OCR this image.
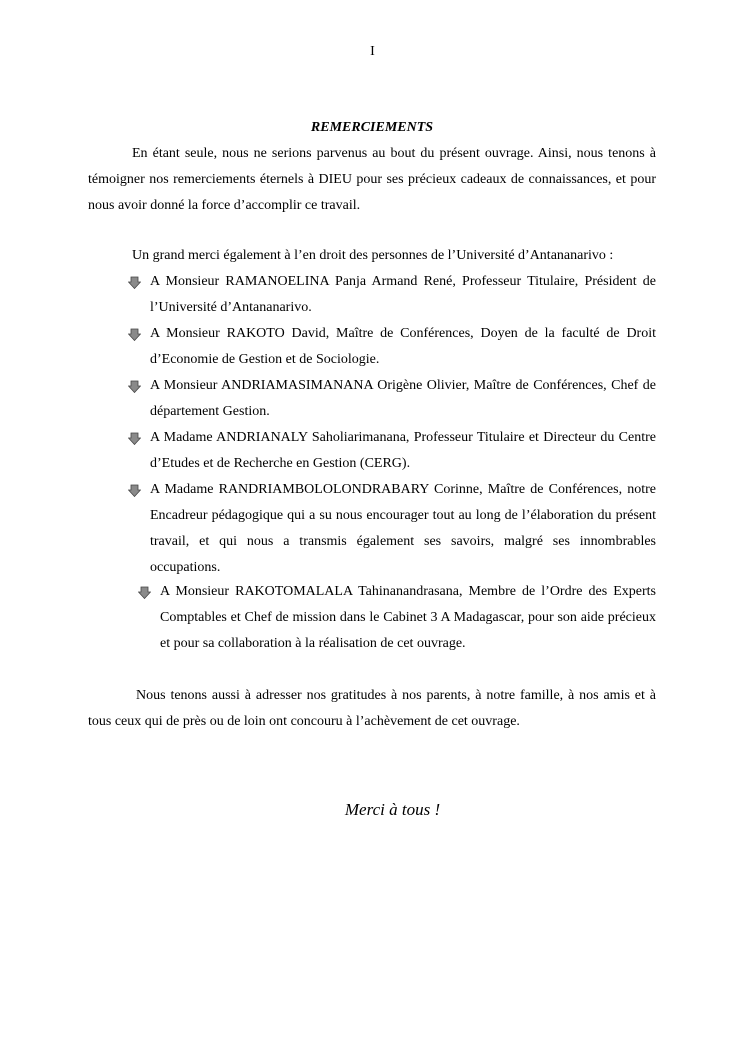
I
REMERCIEMENTS

En étant seule, nous ne serions parvenus au bout du présent ouvrage. Ainsi, nous tenons à témoigner nos remerciements éternels à DIEU pour ses précieux cadeaux de connaissances, et pour nous avoir donné la force d’accomplir ce travail.

Un grand merci également à l’en droit des personnes de l’Université d’Antananarivo :

A Monsieur RAMANOELINA Panja Armand René, Professeur Titulaire, Président de l’Université d’Antananarivo.
A Monsieur RAKOTO David, Maître de Conférences, Doyen de la faculté de Droit d’Economie de Gestion et de Sociologie.
A Monsieur ANDRIAMASIMANANA Origène Olivier, Maître de Conférences, Chef de département Gestion.
A Madame ANDRIANALY Saholiarimanana, Professeur Titulaire et Directeur du Centre d’Etudes et de Recherche en Gestion (CERG).
A Madame RANDRIAMBOLOLONDRABARY Corinne, Maître de Conférences, notre Encadreur pédagogique qui a su nous encourager tout au long de l’élaboration du présent travail, et qui nous a transmis également ses savoirs, malgré ses innombrables occupations.
A Monsieur RAKOTOMALALA Tahinanandrasana, Membre de l’Ordre des Experts Comptables et Chef de mission dans le Cabinet 3 A Madagascar, pour son aide précieux et pour sa collaboration à la réalisation de cet ouvrage.

Nous tenons aussi à adresser nos gratitudes à nos parents, à notre famille, à nos amis et à tous ceux qui de près ou de loin ont concouru à l’achèvement de cet ouvrage.

Merci à tous !
